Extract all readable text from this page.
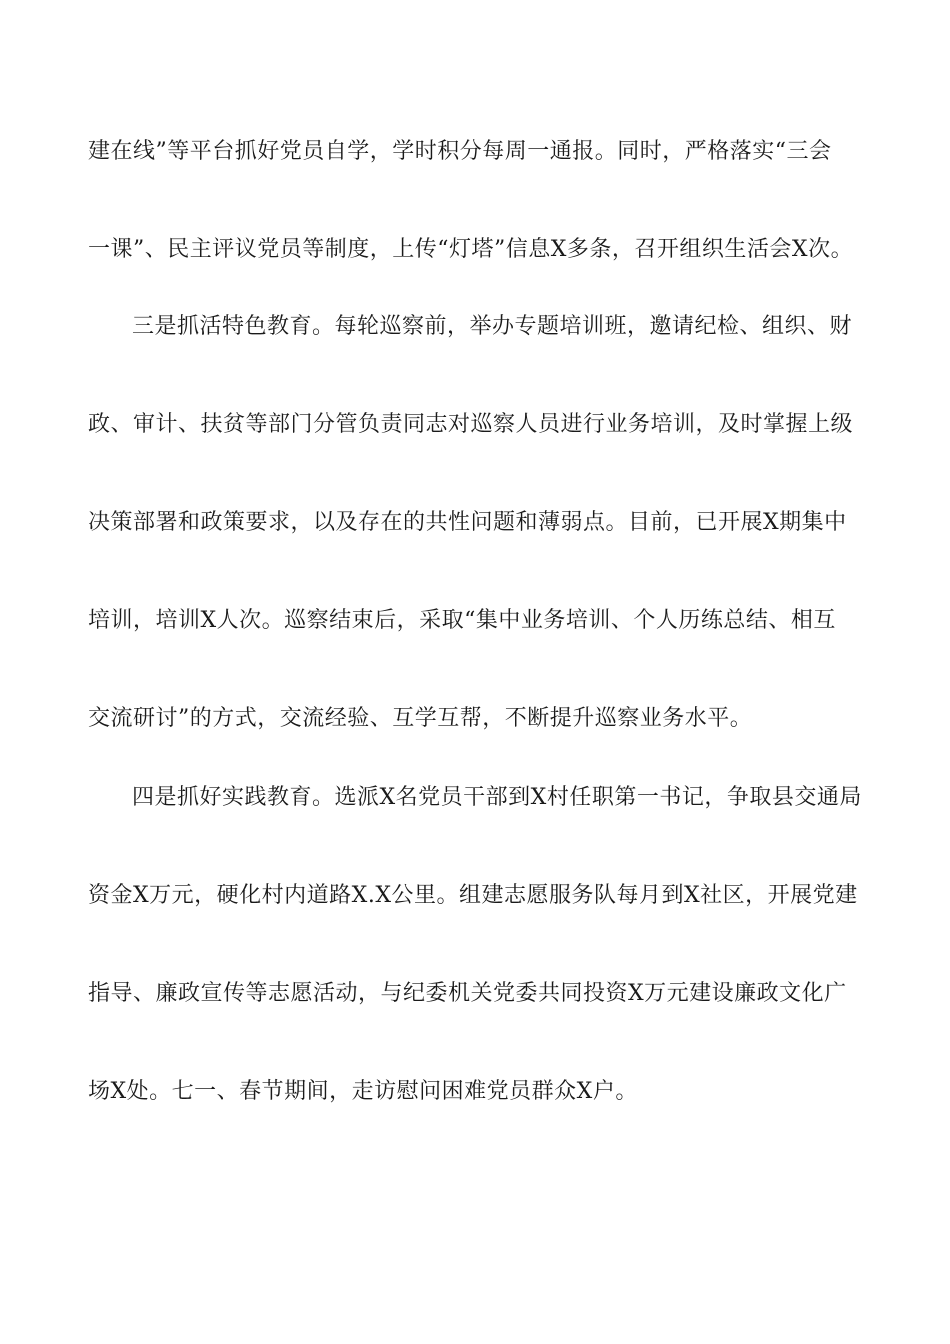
建在线”等平台抓好党员自学，学时积分每周一通报。同时，严格落实“三会
一课”、民主评议党员等制度，上传“灯塔”信息X多条，召开组织生活会X次。
三是抓活特色教育。每轮巡察前，举办专题培训班，邀请纪检、组织、财
政、审计、扶贫等部门分管负责同志对巡察人员进行业务培训，及时掌握上级
决策部署和政策要求，以及存在的共性问题和薄弱点。目前，已开展X期集中
培训，培训X人次。巡察结束后，采取“集中业务培训、个人历练总结、相互
交流研讨”的方式，交流经验、互学互帮，不断提升巡察业务水平。
四是抓好实践教育。选派X名党员干部到X村任职第一书记，争取县交通局
资金X万元，硬化村内道路X.X公里。组建志愿服务队每月到X社区，开展党建
指导、廉政宣传等志愿活动，与纪委机关党委共同投资X万元建设廉政文化广
场X处。七一、春节期间，走访慰问困难党员群众X户。
